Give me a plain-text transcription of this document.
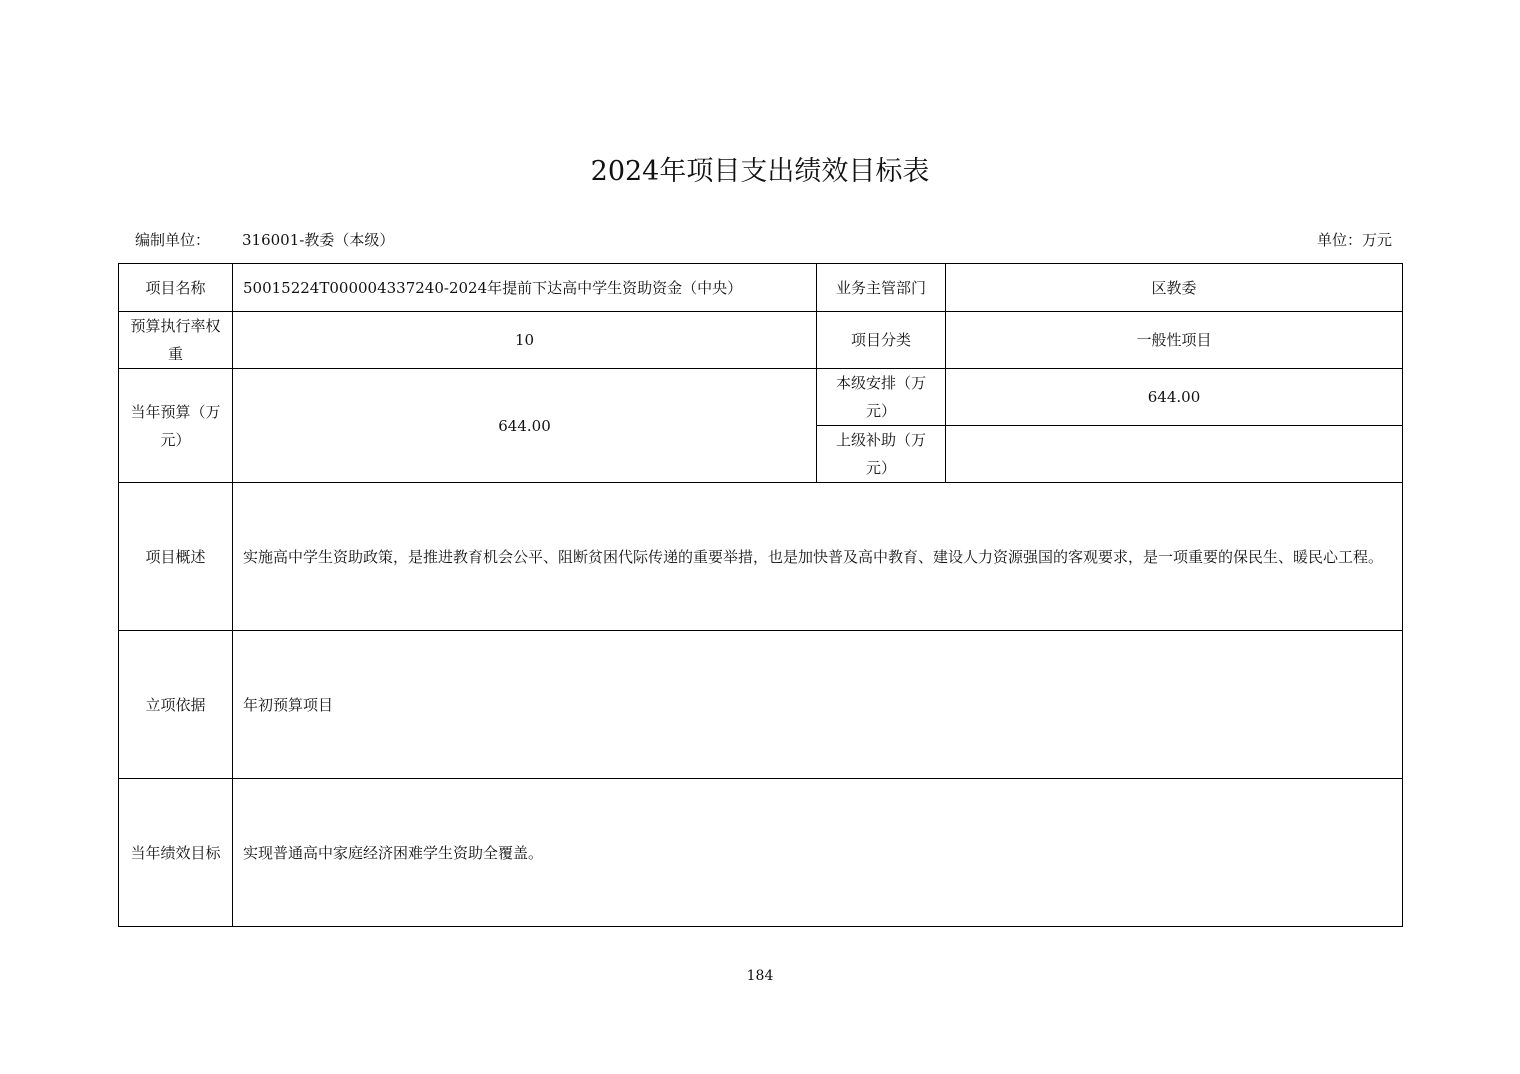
2024年项目支出绩效目标表
编制单位： 316001-教委（本级）	单位：万元
项目名称	50015224T000004337240-2024年提前下达高中学生资助资金（中央）	业务主管部门	区教委
预算执行率权重	10	项目分类	一般性项目
当年预算（万元）	644.00	本级安排（万元）	644.00
		上级补助（万元）	
项目概述	实施高中学生资助政策，是推进教育机会公平、阻断贫困代际传递的重要举措，也是加快普及高中教育、建设人力资源强国的客观要求，是一项重要的保民生、暖民心工程。		
立项依据	年初预算项目		
当年绩效目标	实现普通高中家庭经济困难学生资助全覆盖。		
184
